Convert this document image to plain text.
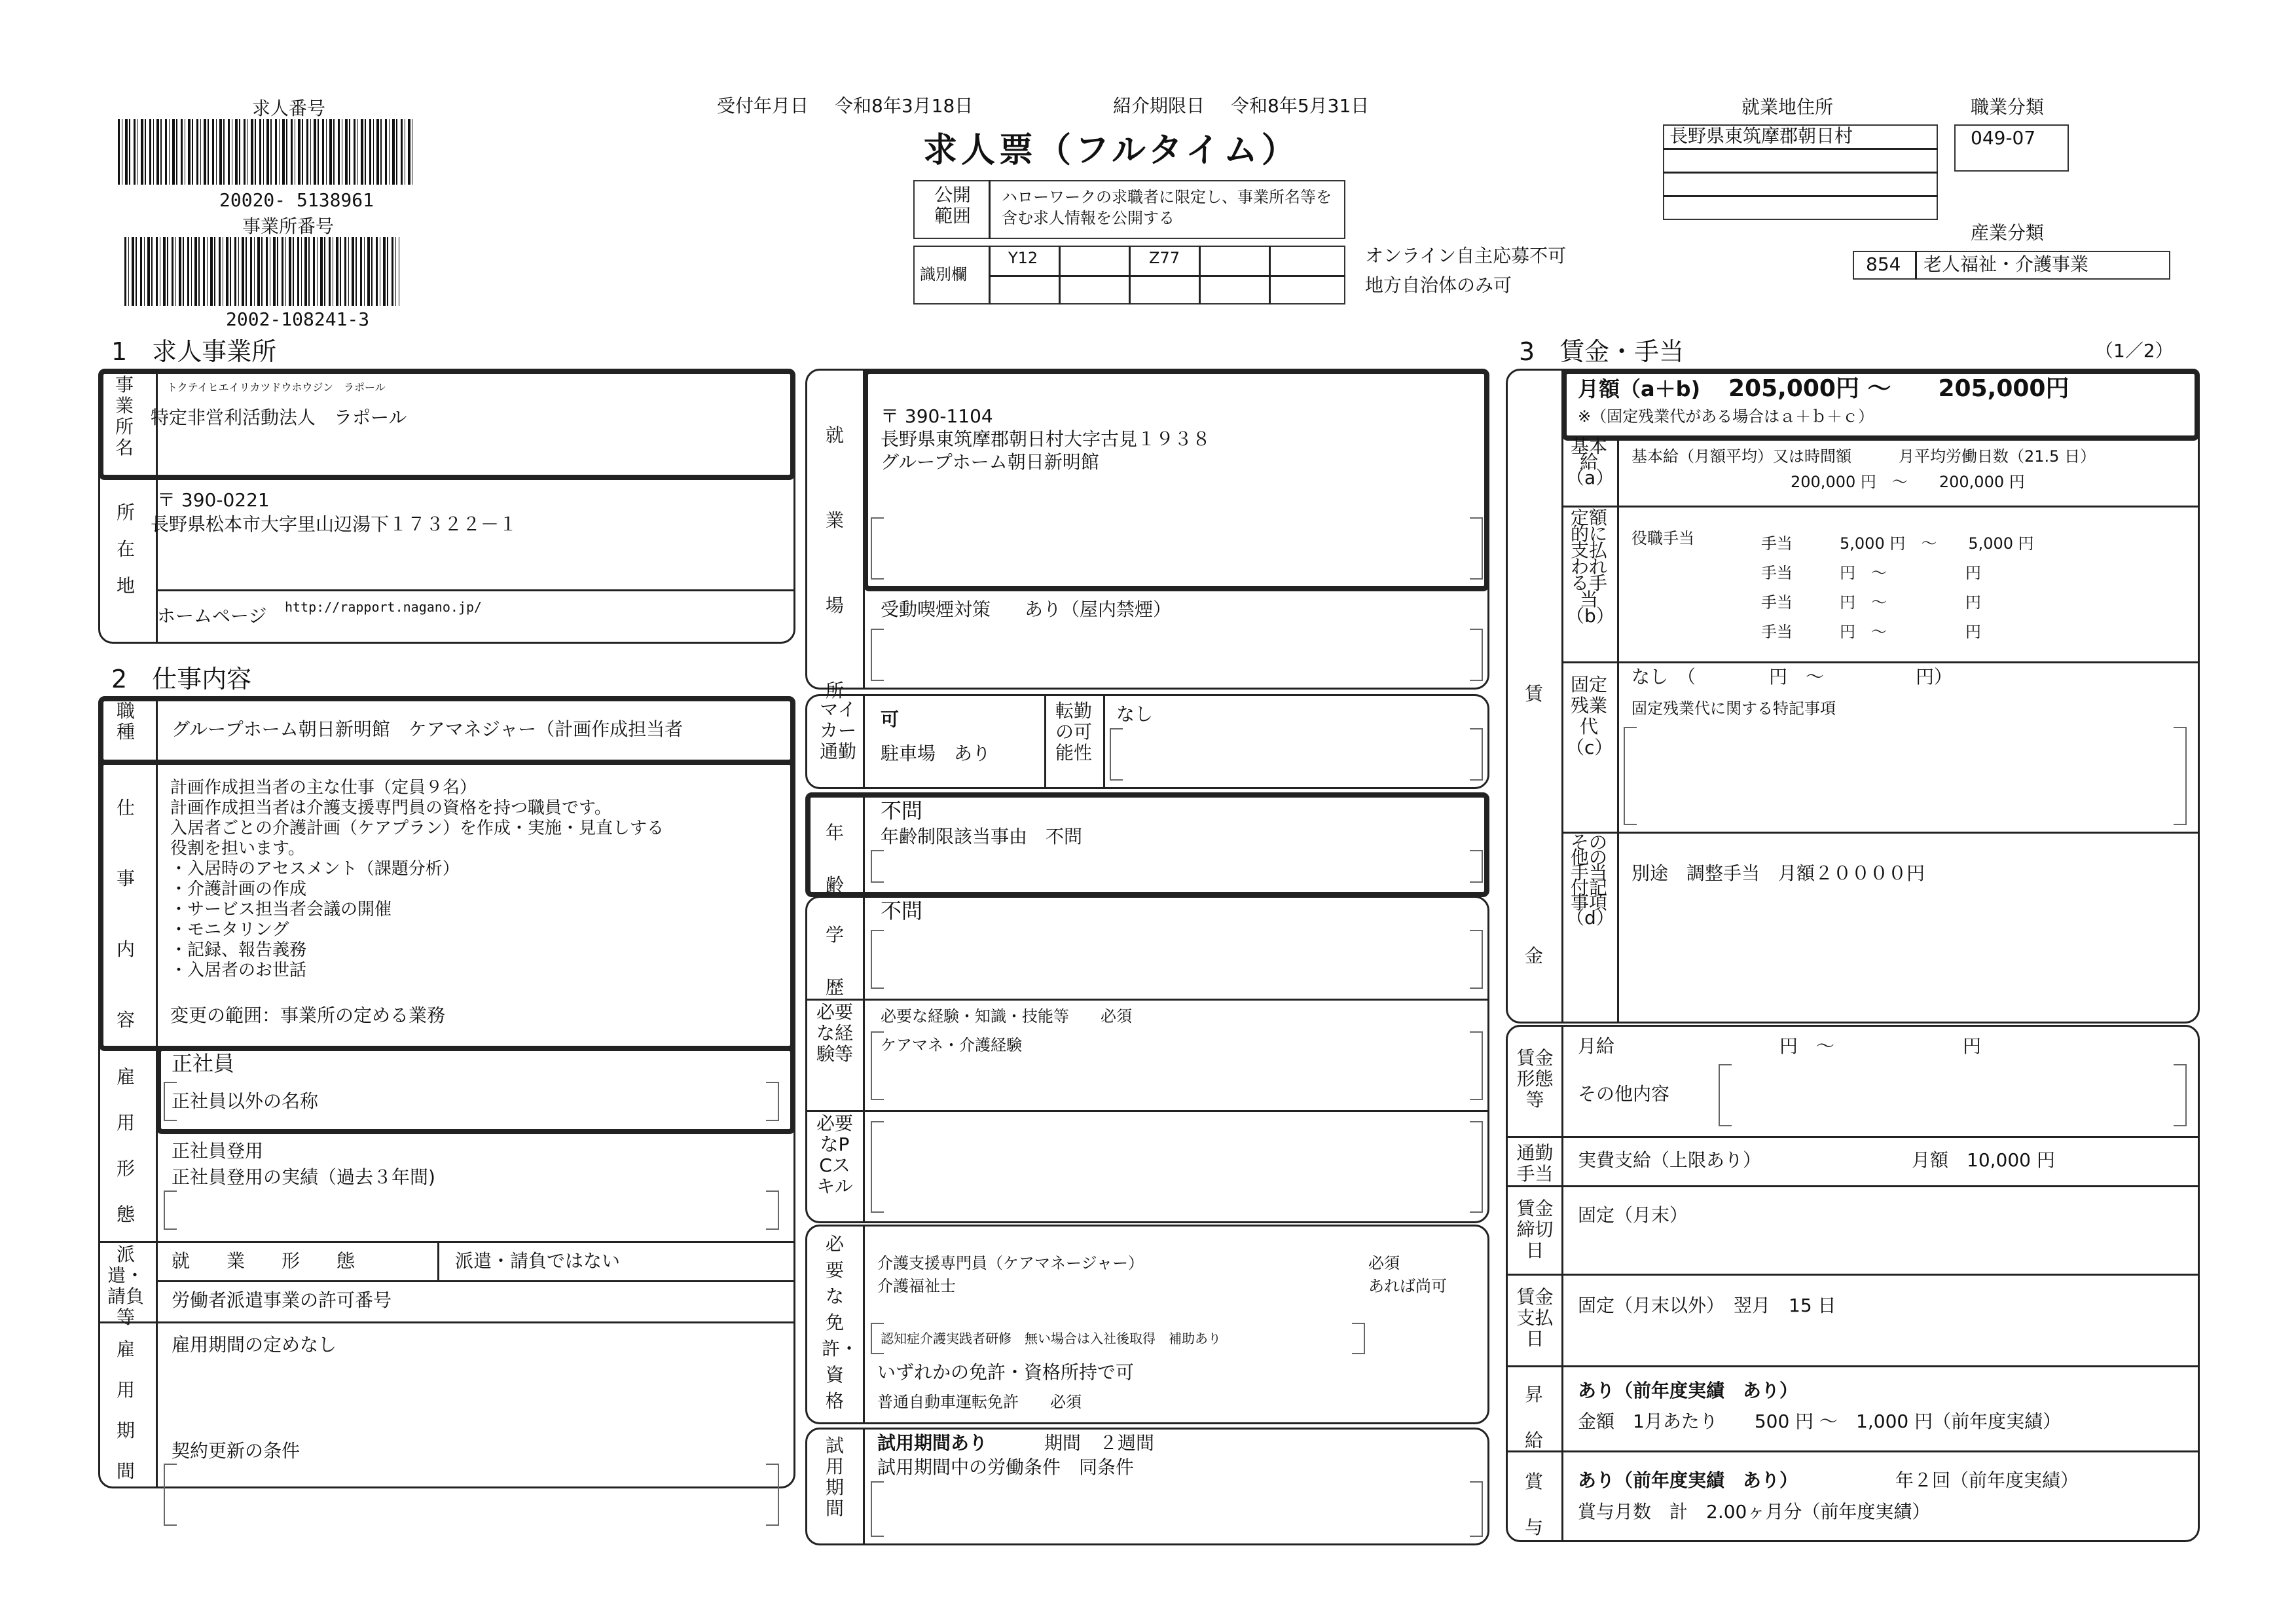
求人番号
20020- 5138961
事業所番号
2002-108241-3
受付年月日 令和8年3月18日	紹介期限日 令和8年5月31日
求人票（フルタイム）
公開範囲
ハローワークの求職者に限定し、事業所名等を含む求人情報を公開する
識別欄
Y12	Z77	オンライン自主応募不可
地方自治体のみ可
就業地住所
長野県東筑摩郡朝日村
職業分類
049-07
産業分類
854 老人福祉・介護事業
1　求人事業所
事業所名
トクテイヒエイリカツドウホウジン　ラポール
特定非営利活動法人　ラポール
所在地
〒 390-0221
長野県松本市大字里山辺湯下１７３２２－１
ホームページ http://rapport.nagano.jp/
2　仕事内容
職種 グループホーム朝日新明館　ケアマネジャー（計画作成担当者
仕事内容
計画作成担当者の主な仕事（定員９名）
計画作成担当者は介護支援専門員の資格を持つ職員です。
入居者ごとの介護計画（ケアプラン）を作成・実施・見直しする
役割を担います。
・入居時のアセスメント（課題分析）
・介護計画の作成
・サービス担当者会議の開催
・モニタリング
・記録、報告義務
・入居者のお世話
変更の範囲：事業所の定める業務
雇用形態
正社員
正社員以外の名称
正社員登用
正社員登用の実績（過去３年間)
派遣・請負等
就　　業　　形　　態	派遣・請負ではない
労働者派遣事業の許可番号
雇用期間
雇用期間の定めなし
契約更新の条件
就業場所
〒 390-1104
長野県東筑摩郡朝日村大字古見１９３８
グループホーム朝日新明館
受動喫煙対策 あり（屋内禁煙）
マイカー通勤
可
駐車場　あり
転勤の可能性
なし
年齢
不問
年齢制限該当事由　不問
学歴
不問
必要な経験等
必要な経験・知識・技能等　　必須
ケアマネ・介護経験
必要なPCスキル
必要な免許・資格
介護支援専門員（ケアマネージャー）	必須
介護福祉士	あれば尚可
認知症介護実践者研修　無い場合は入社後取得　補助あり
いずれかの免許・資格所持で可
普通自動車運転免許　　必須
試用期間
試用期間あり	期間　２週間
試用期間中の労働条件　同条件
3　賃金・手当	（1／2）
月額（a＋b) 205,000円 〜　　205,000円
※（固定残業代がある場合はａ＋ｂ＋ｃ）
賃金
基本給（a）
基本給（月額平均）又は時間額　　　月平均労働日数（21.5 日）
200,000 円　〜　　200,000 円
定額的に支払われる手当（b）
役職手当	手当	5,000 円　〜　　5,000 円
手当	円　〜　　　　　円
手当	円　〜　　　　　円
手当	円　〜　　　　　円
固定残業代（c）
なし　（　　　　円　〜　　　　　円）
固定残業代に関する特記事項
その他の手当付記事項（d）
別途　調整手当　月額２００００円
賃金形態等
月給　　　　　　　　　円　〜　　　　　　　円
その他内容
通勤手当
実費支給（上限あり）	月額　10,000 円
賃金締切日
固定（月末）
賃金支払日
固定（月末以外）　翌月　15 日
昇給
あり（前年度実績　あり）
金額　1月あたり　　500 円 〜　1,000 円（前年度実績）
賞与
あり（前年度実績　あり）	年２回（前年度実績）
賞与月数　計　2.00ヶ月分（前年度実績）
